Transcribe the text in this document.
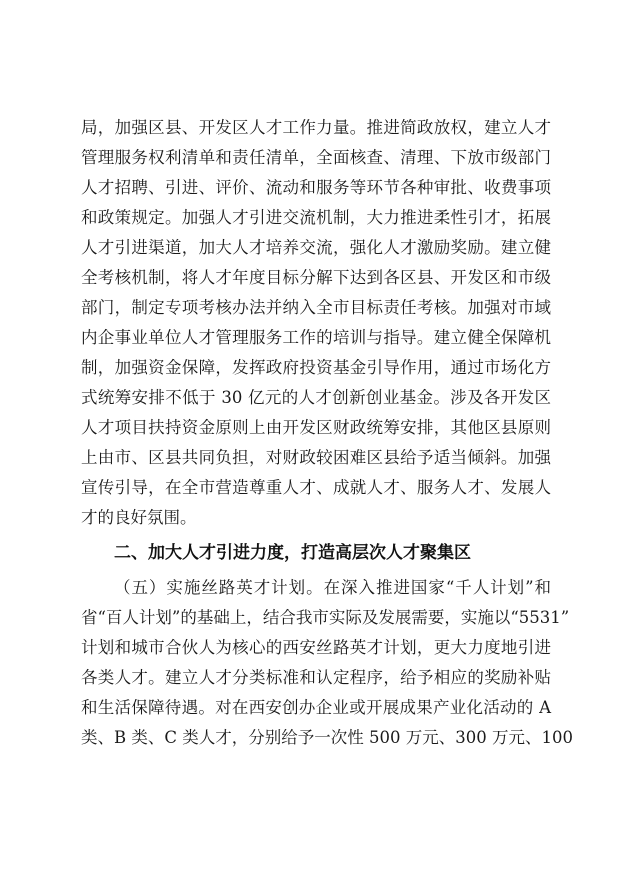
局，加强区县、开发区人才工作力量。推进简政放权，建立人才
管理服务权利清单和责任清单，全面核查、清理、下放市级部门
人才招聘、引进、评价、流动和服务等环节各种审批、收费事项
和政策规定。加强人才引进交流机制，大力推进柔性引才，拓展
人才引进渠道，加大人才培养交流，强化人才激励奖励。建立健
全考核机制，将人才年度目标分解下达到各区县、开发区和市级
部门，制定专项考核办法并纳入全市目标责任考核。加强对市域
内企事业单位人才管理服务工作的培训与指导。建立健全保障机
制，加强资金保障，发挥政府投资基金引导作用，通过市场化方
式统筹安排不低于 30 亿元的人才创新创业基金。涉及各开发区
人才项目扶持资金原则上由开发区财政统筹安排，其他区县原则
上由市、区县共同负担，对财政较困难区县给予适当倾斜。加强
宣传引导，在全市营造尊重人才、成就人才、服务人才、发展人
才的良好氛围。
二、加大人才引进力度，打造高层次人才聚集区
（五）实施丝路英才计划。在深入推进国家“千人计划”和
省“百人计划”的基础上，结合我市实际及发展需要，实施以“5531”
计划和城市合伙人为核心的西安丝路英才计划，更大力度地引进
各类人才。建立人才分类标准和认定程序，给予相应的奖励补贴
和生活保障待遇。对在西安创办企业或开展成果产业化活动的 A
类、B 类、C 类人才，分别给予一次性 500 万元、300 万元、100
